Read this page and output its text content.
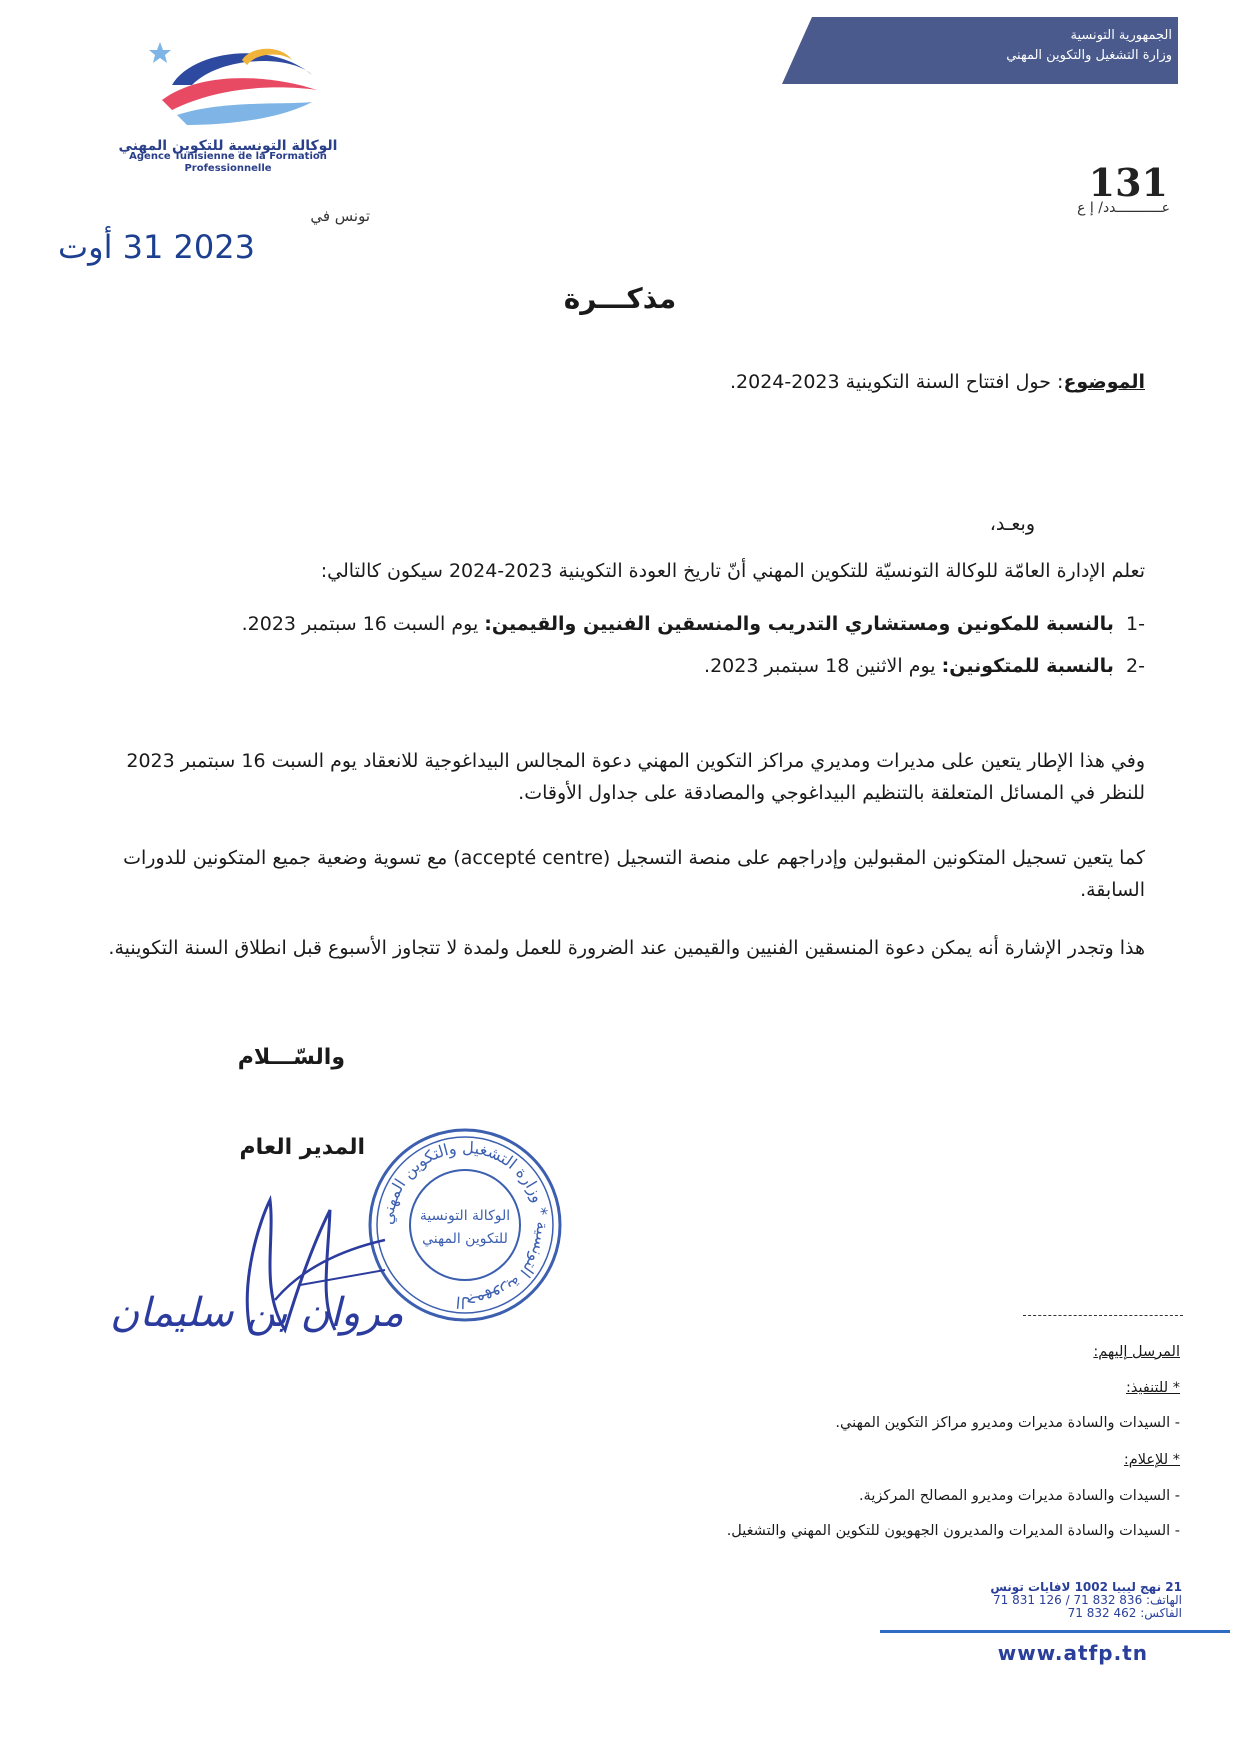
الجمهورية التونسية
وزارة التشغيل والتكوين المهني
الوكالة التونسية للتكوين المهني
Agence Tunisienne de la Formation
Professionnelle	131
عـــــــــــدد/ إ ع
تونس في
2023 31 أوت
مذكـــرة
الموضوع: حول افتتاح السنة التكوينية 2023-2024.
وبعـد،
تعلم الإدارة العامّة للوكالة التونسيّة للتكوين المهني أنّ تاريخ العودة التكوينية 2023-2024 سيكون كالتالي:
-1  بالنسبة للمكونين ومستشاري التدريب والمنسقين الفنيين والقيمين: يوم السبت 16 سبتمبر 2023.
-2  بالنسبة للمتكونين: يوم الاثنين 18 سبتمبر 2023.
وفي هذا الإطار يتعين على مديرات ومديري مراكز التكوين المهني دعوة المجالس البيداغوجية للانعقاد يوم السبت 16 سبتمبر 2023 للنظر في المسائل المتعلقة بالتنظيم البيداغوجي والمصادقة على جداول الأوقات.
كما يتعين تسجيل المتكونين المقبولين وإدراجهم على منصة التسجيل (accepté centre) مع تسوية وضعية جميع المتكونين للدورات السابقة.
هذا وتجدر الإشارة أنه يمكن دعوة المنسقين الفنيين والقيمين عند الضرورة للعمل ولمدة لا تتجاوز الأسبوع قبل انطلاق السنة التكوينية.
والسّـــلام
المدير العام
الجمهورية التونسية * وزارة التشغيل والتكوين المهني
الوكالة التونسية
للتكوين المهني
مروان بن سليمان
المرسل إليهم:
* للتنفيذ:
- السيدات والسادة مديرات ومديرو مراكز التكوين المهني.
* للإعلام:
- السيدات والسادة مديرات ومديرو المصالح المركزية.
- السيدات والسادة المديرات والمديرون الجهويون للتكوين المهني والتشغيل.
21 نهج ليبيا 1002 لافايات تونس
الهاتف: 836 832 71 / 126 831 71
الفاكس: 462 832 71
www.atfp.tn
